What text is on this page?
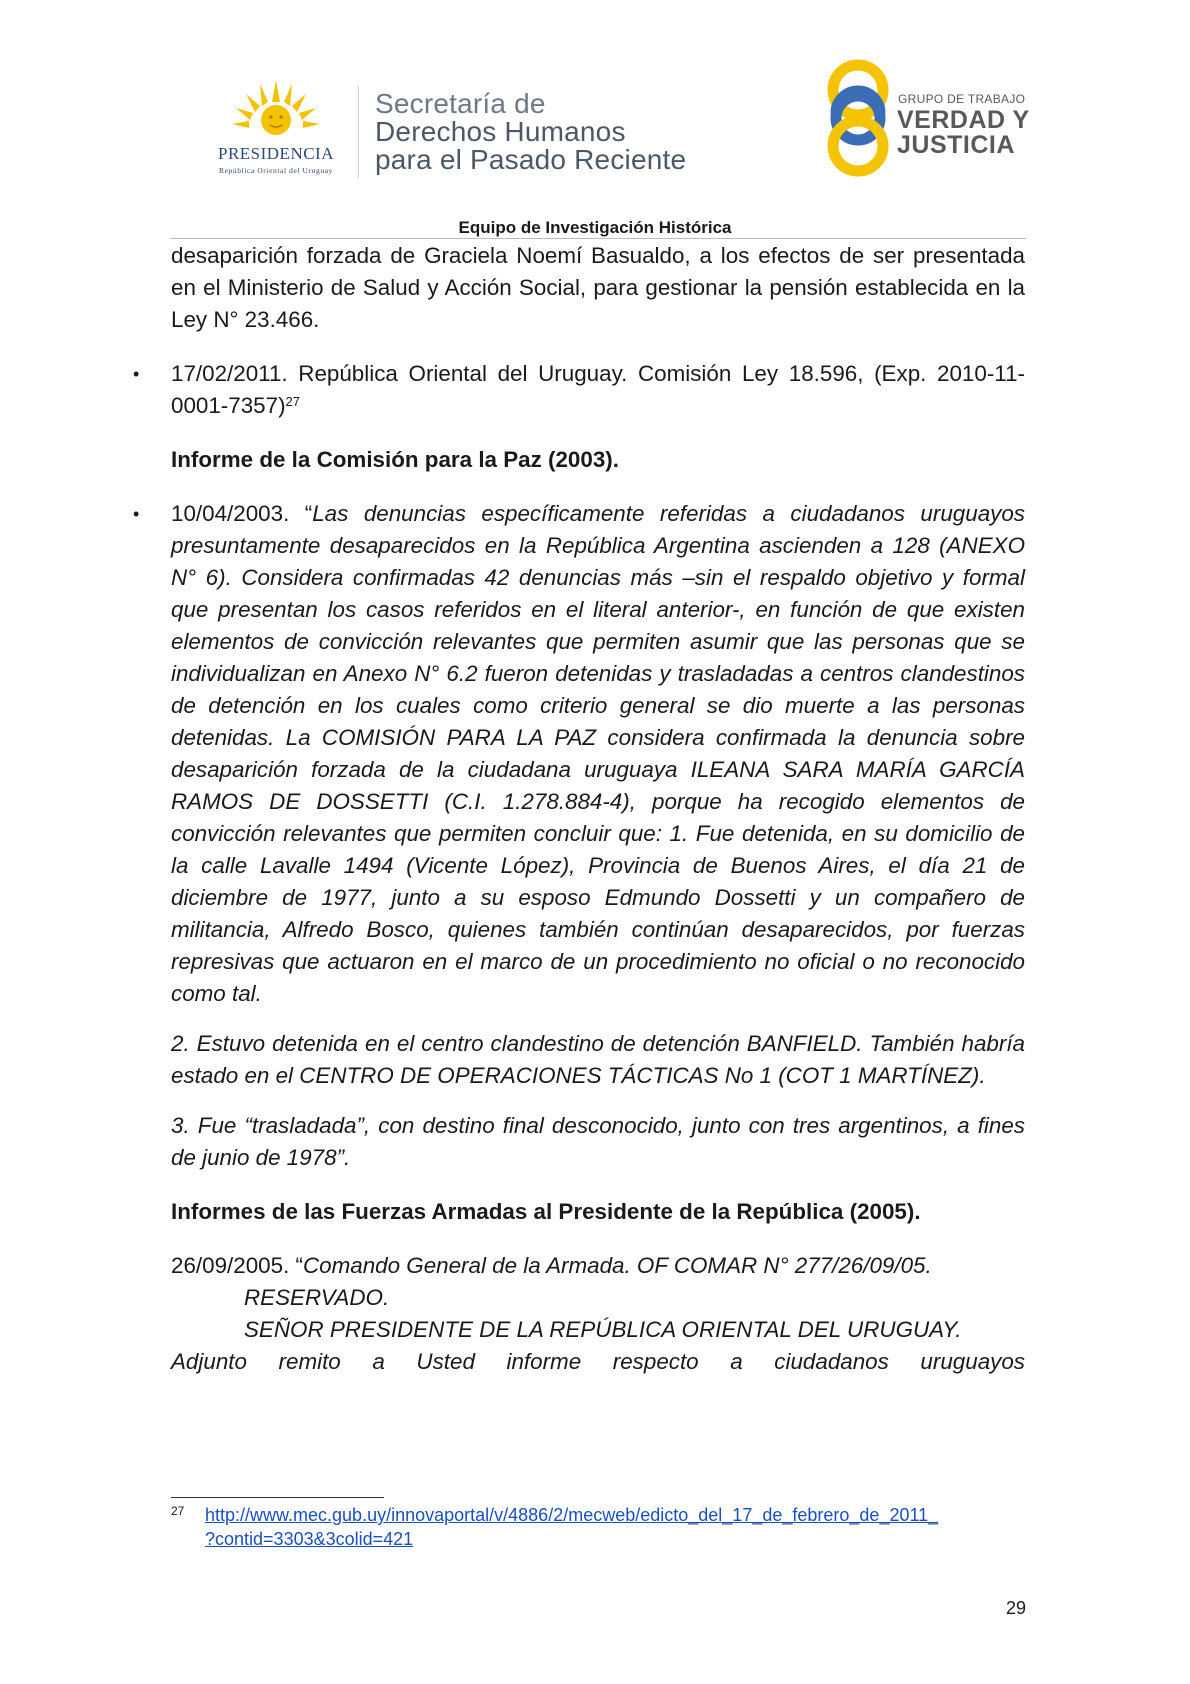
PRESIDENCIA
República Oriental del Uruguay
Secretaría de
Derechos Humanos
para el Pasado Reciente
GRUPO DE TRABAJO
VERDAD Y
JUSTICIA
Equipo de Investigación Histórica

desaparición forzada de Graciela Noemí Basualdo, a los efectos de ser presentada en el Ministerio de Salud y Acción Social, para gestionar la pensión establecida en la Ley N° 23.466.

• 17/02/2011. República Oriental del Uruguay. Comisión Ley 18.596, (Exp. 2010-11-0001-7357)$^{27}$

Informe de la Comisión para la Paz (2003).

• 10/04/2003. “Las denuncias específicamente referidas a ciudadanos uruguayos presuntamente desaparecidos en la República Argentina ascienden a 128 (ANEXO N° 6). Considera confirmadas 42 denuncias más –sin el respaldo objetivo y formal que presentan los casos referidos en el literal anterior-, en función de que existen elementos de convicción relevantes que permiten asumir que las personas que se individualizan en Anexo N° 6.2 fueron detenidas y trasladadas a centros clandestinos de detención en los cuales como criterio general se dio muerte a las personas detenidas. La COMISIÓN PARA LA PAZ considera confirmada la denuncia sobre desaparición forzada de la ciudadana uruguaya ILEANA SARA MARÍA GARCÍA RAMOS DE DOSSETTI (C.I. 1.278.884-4), porque ha recogido elementos de convicción relevantes que permiten concluir que: 1. Fue detenida, en su domicilio de la calle Lavalle 1494 (Vicente López), Provincia de Buenos Aires, el día 21 de diciembre de 1977, junto a su esposo Edmundo Dossetti y un compañero de militancia, Alfredo Bosco, quienes también continúan desaparecidos, por fuerzas represivas que actuaron en el marco de un procedimiento no oficial o no reconocido como tal.

2. Estuvo detenida en el centro clandestino de detención BANFIELD. También habría estado en el CENTRO DE OPERACIONES TÁCTICAS No 1 (COT 1 MARTÍNEZ).

3. Fue “trasladada”, con destino final desconocido, junto con tres argentinos, a fines de junio de 1978”.

Informes de las Fuerzas Armadas al Presidente de la República (2005).

26/09/2005. “Comando General de la Armada. OF COMAR N° 277/26/09/05.

RESERVADO.

SEÑOR PRESIDENTE DE LA REPÚBLICA ORIENTAL DEL URUGUAY.

Adjunto remito a Usted informe respecto a ciudadanos uruguayos

27 http://www.mec.gub.uy/innovaportal/v/4886/2/mecweb/edicto_del_17_de_febrero_de_2011_
?contid=3303&3colid=421
29
